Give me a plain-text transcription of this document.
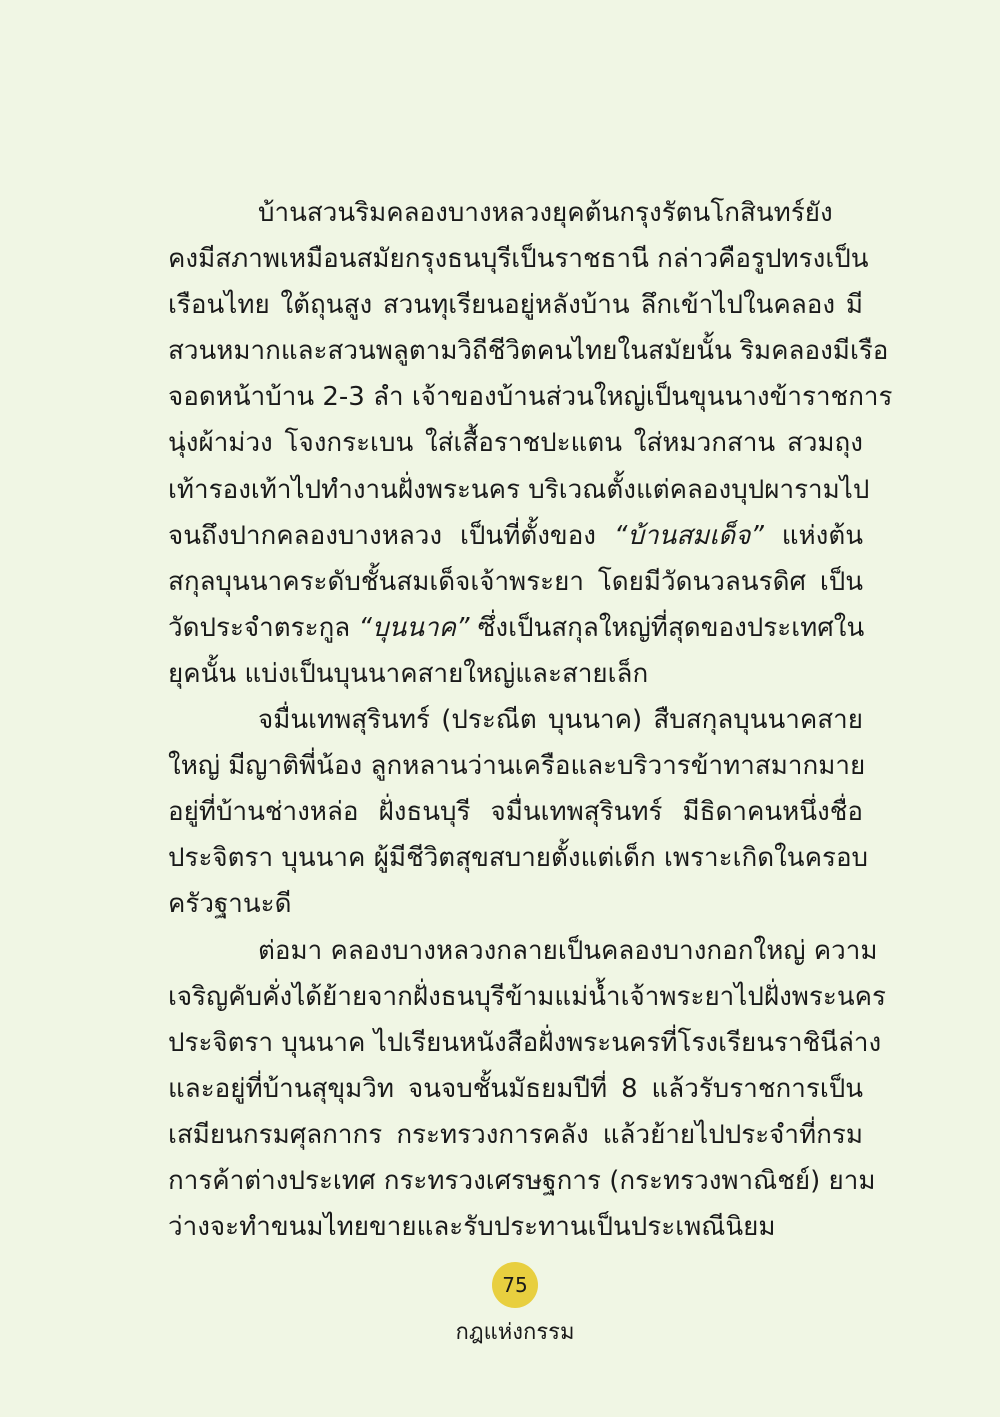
บ้านสวนริมคลองบางหลวงยุคต้นกรุงรัตนโกสินทร์ยัง
คงมีสภาพเหมือนสมัยกรุงธนบุรีเป็นราชธานี กล่าวคือรูปทรงเป็น
เรือนไทย ใต้ถุนสูง สวนทุเรียนอยู่หลังบ้าน ลึกเข้าไปในคลอง มี
สวนหมากและสวนพลูตามวิถีชีวิตคนไทยในสมัยนั้น ริมคลองมีเรือ
จอดหน้าบ้าน 2-3 ลำ เจ้าของบ้านส่วนใหญ่เป็นขุนนางข้าราชการ
นุ่งผ้าม่วง โจงกระเบน ใส่เสื้อราชปะแตน ใส่หมวกสาน สวมถุง
เท้ารองเท้าไปทำงานฝั่งพระนคร บริเวณตั้งแต่คลองบุปผารามไป
จนถึงปากคลองบางหลวง เป็นที่ตั้งของ “บ้านสมเด็จ” แห่งต้น
สกุลบุนนาคระดับชั้นสมเด็จเจ้าพระยา โดยมีวัดนวลนรดิศ เป็น
วัดประจำตระกูล “บุนนาค” ซึ่งเป็นสกุลใหญ่ที่สุดของประเทศใน
ยุคนั้น แบ่งเป็นบุนนาคสายใหญ่และสายเล็ก
จมื่นเทพสุรินทร์ (ประณีต บุนนาค) สืบสกุลบุนนาคสาย
ใหญ่ มีญาติพี่น้อง ลูกหลานว่านเครือและบริวารข้าทาสมากมาย
อยู่ที่บ้านช่างหล่อ ฝั่งธนบุรี จมื่นเทพสุรินทร์ มีธิดาคนหนึ่งชื่อ
ประจิตรา บุนนาค ผู้มีชีวิตสุขสบายตั้งแต่เด็ก เพราะเกิดในครอบ
ครัวฐานะดี
ต่อมา คลองบางหลวงกลายเป็นคลองบางกอกใหญ่ ความ
เจริญคับคั่งได้ย้ายจากฝั่งธนบุรีข้ามแม่น้ำเจ้าพระยาไปฝั่งพระนคร
ประจิตรา บุนนาค ไปเรียนหนังสือฝั่งพระนครที่โรงเรียนราชินีล่าง
และอยู่ที่บ้านสุขุมวิท จนจบชั้นมัธยมปีที่ 8 แล้วรับราชการเป็น
เสมียนกรมศุลกากร กระทรวงการคลัง แล้วย้ายไปประจำที่กรม
การค้าต่างประเทศ กระทรวงเศรษฐการ (กระทรวงพาณิชย์) ยาม
ว่างจะทำขนมไทยขายและรับประทานเป็นประเพณีนิยม
75
กฎแห่งกรรม
